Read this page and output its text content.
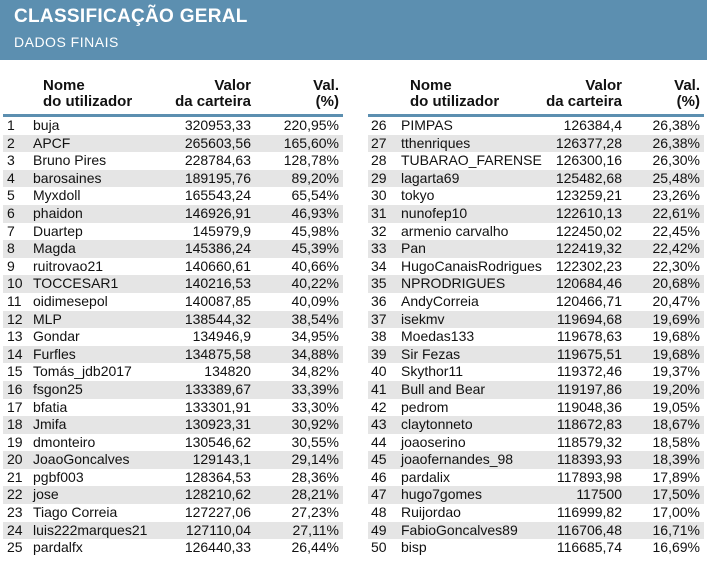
CLASSIFICAÇÃO GERAL
DADOS FINAIS
Nome
do utilizador
Valor
da carteira
Val.
(%)
1 buja	320953,33 220,95%
2 APCF	265603,56 165,60%
3 Bruno Pires	228784,63 128,78%
4 barosaines	189195,76	89,20%
5 Myxdoll	165543,24	65,54%
6 phaidon	146926,91	46,93%
7 Duartep	145979,9	45,98%
8 Magda	145386,24	45,39%
9 ruitrovao21	140660,61	40,66%
10 TOCCESAR1	140216,53	40,22%
11 oidimesepol	140087,85	40,09%
12 MLP	138544,32	38,54%
13 Gondar	134946,9	34,95%
14 Furfles	134875,58	34,88%
15 Tomás_jdb2017	134820	34,82%
16 fsgon25	133389,67	33,39%
17 bfatia	133301,91	33,30%
18 Jmifa	130923,31	30,92%
19 dmonteiro	130546,62	30,55%
20 JoaoGoncalves	129143,1	29,14%
21 pgbf003	128364,53	28,36%
22 jose	128210,62	28,21%
23 Tiago Correia	127227,06	27,23%
24 luis222marques21	127110,04	27,11%
25 pardalfx	126440,33	26,44%
Nome
do utilizador
Valor
da carteira
Val.
(%)
26 PIMPAS	126384,4 26,38%
27 tthenriques	126377,28 26,38%
28 TUBARAO_FARENSE 126300,16 26,30%
29 lagarta69	125482,68 25,48%
30 tokyo	123259,21 23,26%
31 nunofep10	122610,13 22,61%
32 armenio carvalho	122450,02 22,45%
33 Pan	122419,32 22,42%
34 HugoCanaisRodrigues 122302,23 22,30%
35 NPRODRIGUES	120684,46 20,68%
36 AndyCorreia	120466,71 20,47%
37 isekmv	119694,68 19,69%
38 Moedas133	119678,63 19,68%
39 Sir Fezas	119675,51 19,68%
40 Skythor11	119372,46 19,37%
41 Bull and Bear	119197,86 19,20%
42 pedrom	119048,36 19,05%
43 claytonneto	118672,83 18,67%
44 joaoserino	118579,32 18,58%
45 joaofernandes_98	118393,93 18,39%
46 pardalix	117893,98 17,89%
47 hugo7gomes	117500 17,50%
48 Ruijordao	116999,82 17,00%
49 FabioGoncalves89	116706,48 16,71%
50 bisp	116685,74 16,69%
